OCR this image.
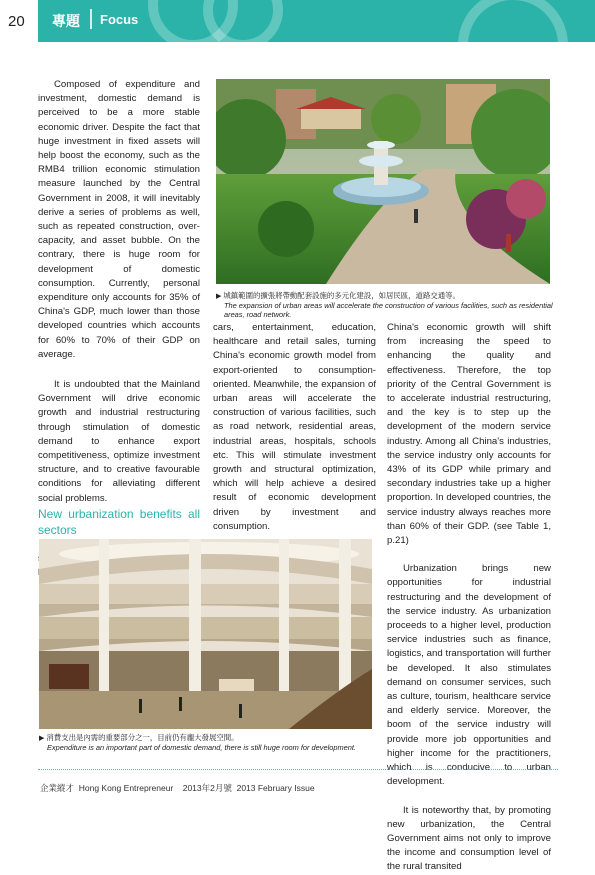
20 專題 Focus

Composed of expenditure and investment, domestic demand is perceived to be a more stable economic driver. Despite the fact that huge investment in fixed assets will help boost the economy, such as the RMB4 trillion economic stimulation measure launched by the Central Government in 2008, it will inevitably derive a series of problems as well, such as repeated construction, over-capacity, and asset bubble. On the contrary, there is huge room for development of domestic consumption. Currently, personal expenditure only accounts for 35% of China's GDP, much lower than those developed countries which accounts for 60% to 70% of their GDP on average.

It is undoubted that the Mainland Government will drive economic growth and industrial restructuring through stimulation of domestic demand to enhance export competitiveness, optimize investment structure, and to creative favourable conditions for alleviating different social problems.

New urbanization benefits all sectors

▶ 城鎮範圍的擴張將帶動配套設施的多元化建設，如居民區，道路交通等。
The expansion of urban areas will accelerate the construction of various facilities, such as residential areas, road network.

cars, entertainment, education, healthcare and retail sales, turning China's economic growth model from export-oriented to consumption-oriented. Meanwhile, the expansion of urban areas will accelerate the construction of various facilities, such as road network, residential areas, industrial areas, hospitals, schools etc. This will stimulate investment growth and structural optimization, which will help achieve a desired result of economic development driven by investment and consumption.

China's economic growth will shift from increasing the speed to enhancing the quality and effectiveness. Therefore, the top priority of the Central Government is to accelerate industrial restructuring, and the key is to step up the development of the modern service industry. Among all China's industries, the service industry only accounts for 43% of its GDP while primary and secondary industries take up a higher proportion. In developed countries, the service industry always reaches more than 60% of their GDP. (see Table 1, p.21)

Urbanization brings new opportunities for industrial restructuring and the development of the service industry. As urbanization proceeds to a higher level, production service industries such as finance, logistics, and transportation will further be developed. It also stimulates demand on consumer services, such as culture, tourism, healthcare service and elderly service. Moreover, the boom of the service industry will provide more job opportunities and higher income for the practitioners, which is conducive to urban development.

It is noteworthy that, by promoting new urbanization, the Central Government aims not only to improve the income and consumption level of the rural transited

▶ 消費支出是內需的重要部分之一，目前仍有龐大發展空間。
Expenditure is an important part of domestic demand, there is still huge room for development.
企業縱才 Hong Kong Entrepreneur 2013年2月號 2013 February Issue
